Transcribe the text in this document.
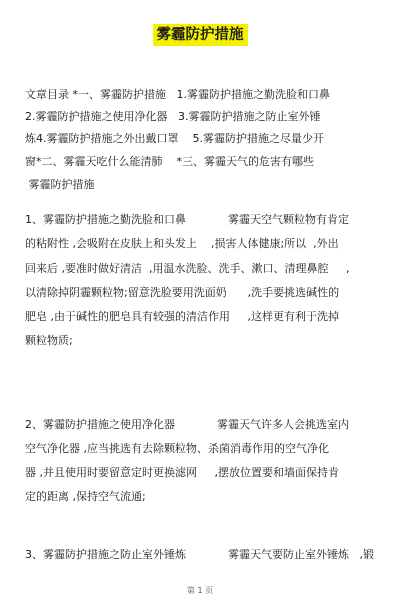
雾霾防护措施
文章目录 *一、雾霾防护措施   1.雾霾防护措施之勤洗脸和口鼻
2.雾霾防护措施之使用净化器   3.雾霾防护措施之防止室外锤
炼4.雾霾防护措施之外出戴口罩    5.雾霾防护措施之尽量少开
窗*二、雾霾天吃什么能清肺    *三、雾霾天气的危害有哪些
雾霾防护措施
1、雾霾防护措施之勤洗脸和口鼻            雾霾天空气颗粒物有肯定
的粘附性 ,会吸附在皮肤上和头发上    ,损害人体健康;所以  ,外出
回来后 ,要准时做好清洁  ,用温水洗脸、洗手、漱口、清理鼻腔     ,
以清除掉阴霾颗粒物;留意洗脸要用洗面奶      ,洗手要挑选碱性的
肥皂 ,由于碱性的肥皂具有较强的清洁作用     ,这样更有利于洗掉
颗粒物质;
2、雾霾防护措施之使用净化器            雾霾天气许多人会挑选室内
空气净化器 ,应当挑选有去除颗粒物、杀菌消毒作用的空气净化
器 ,并且使用时要留意定时更换滤网     ,摆放位置要和墙面保持肯
定的距离 ,保持空气流通;
3、雾霾防护措施之防止室外锤炼            雾霾天气要防止室外锤炼   ,锻
第 1 页
